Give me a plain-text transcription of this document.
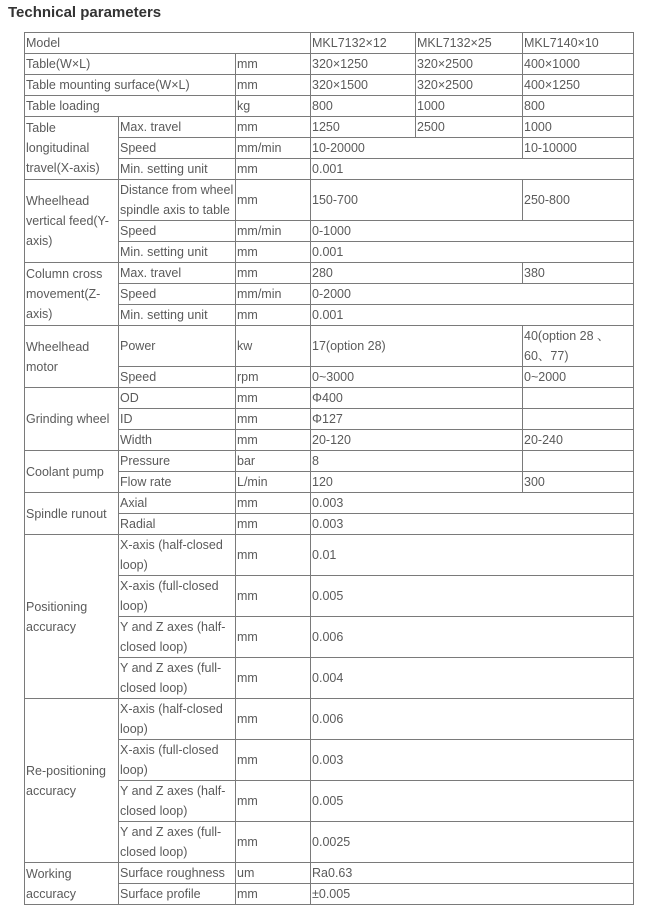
Technical parameters
Model			MKL7132×12	MKL7132×25	MKL7140×10
Table(W×L)		mm	320×1250	320×2500	400×1000
Table mounting surface(W×L)		mm	320×1500	320×2500	400×1250
Table loading		kg	800	1000	800
Table longitudinal travel(X-axis)	Max. travel	mm	1250	2500	1000
	Speed	mm/min	10-20000		10-10000
	Min. setting unit	mm	0.001		
Wheelhead vertical feed(Y-axis)	Distance from wheel spindle axis to table	mm	150-700		250-800
	Speed	mm/min	0-1000		
	Min. setting unit	mm	0.001		
Column cross movement(Z-axis)	Max. travel	mm	280		380
	Speed	mm/min	0-2000		
	Min. setting unit	mm	0.001		
Wheelhead motor	Power	kw	17(option 28)		40(option 28 、60、77)
	Speed	rpm	0~3000		0~2000
Grinding wheel	OD	mm	Φ400		
	ID	mm	Φ127		
	Width	mm	20-120		20-240
Coolant pump	Pressure	bar	8		
	Flow rate	L/min	120		300
Spindle runout	Axial	mm	0.003		
	Radial	mm	0.003		
Positioning accuracy	X-axis (half-closed loop)	mm	0.01		
	X-axis (full-closed loop)	mm	0.005		
	Y and Z axes (half-closed loop)	mm	0.006		
	Y and Z axes (full-closed loop)	mm	0.004		
Re-positioning accuracy	X-axis (half-closed loop)	mm	0.006		
	X-axis (full-closed loop)	mm	0.003		
	Y and Z axes (half-closed loop)	mm	0.005		
	Y and Z axes (full-closed loop)	mm	0.0025		
Working accuracy	Surface roughness	um	Ra0.63		
	Surface profile	mm	±0.005		
